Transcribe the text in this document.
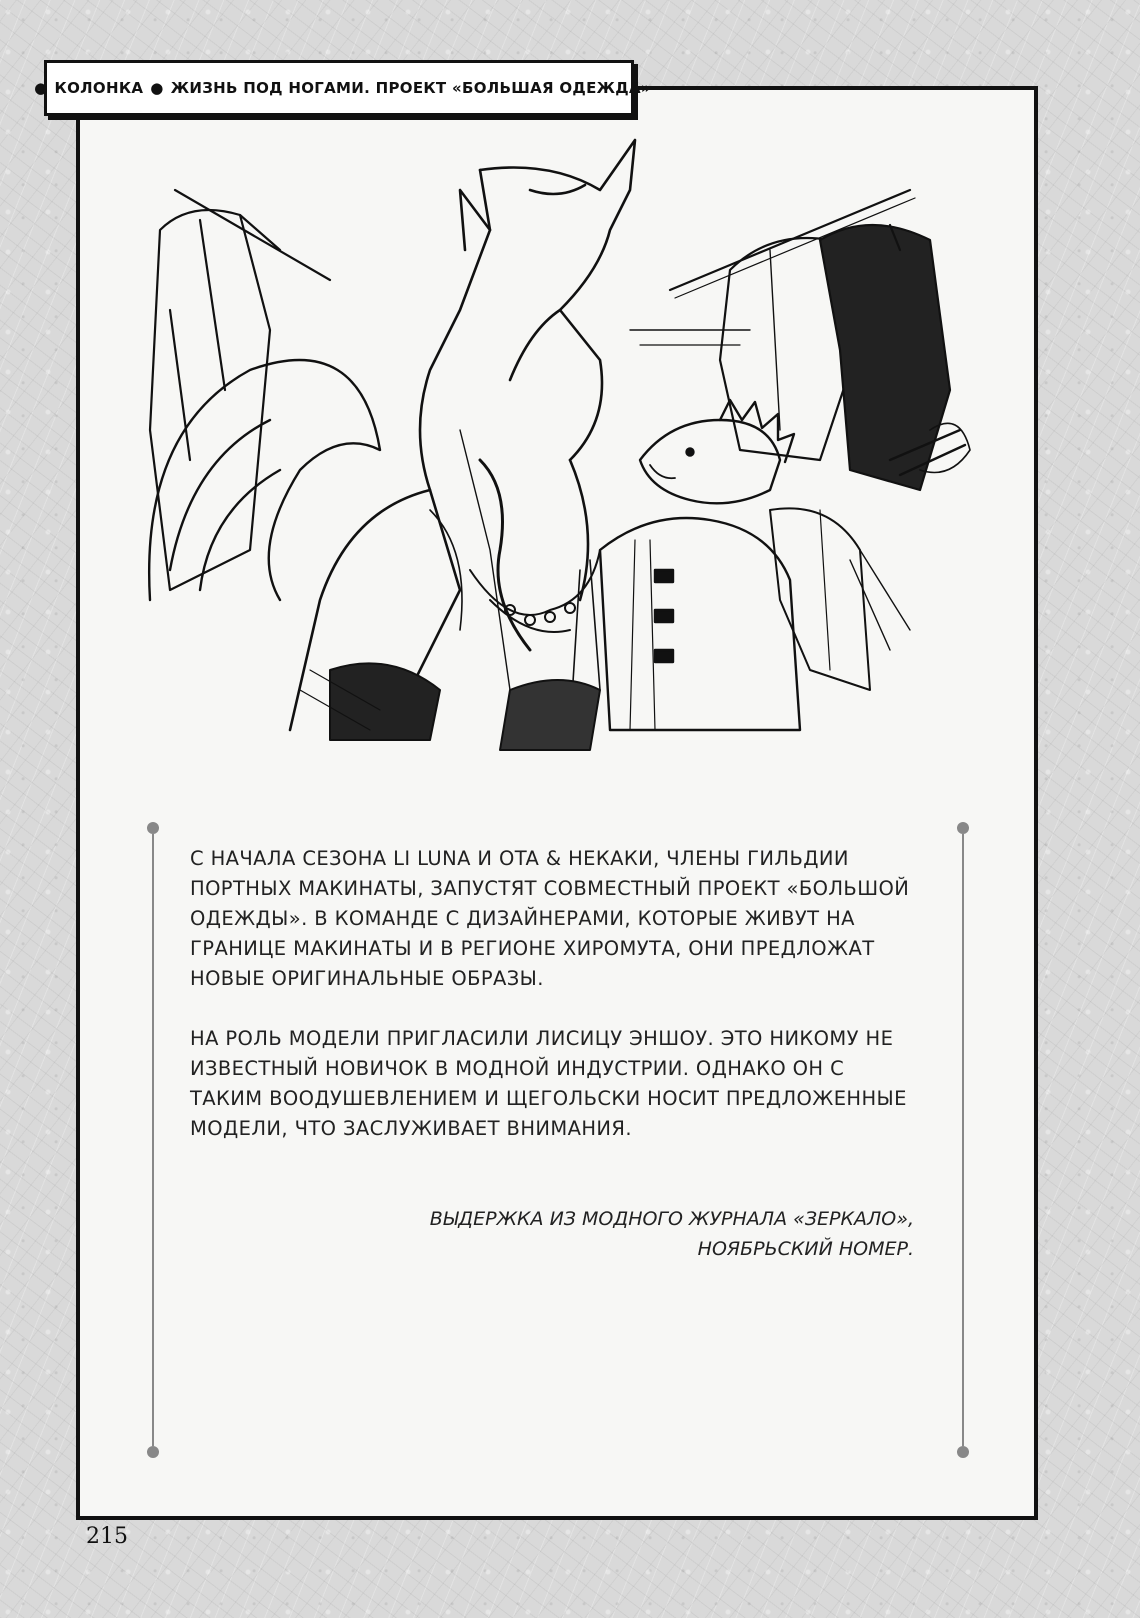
● КОЛОНКА ● ЖИЗНЬ ПОД НОГАМИ. ПРОЕКТ «БОЛЬШАЯ ОДЕЖДА»

С НАЧАЛА СЕЗОНА LI LUNA И OTA & НЕКАКИ, ЧЛЕНЫ ГИЛЬДИИ ПОРТНЫХ МАКИНАТЫ, ЗАПУСТЯТ СОВМЕСТНЫЙ ПРОЕКТ «БОЛЬШОЙ ОДЕЖДЫ». В КОМАНДЕ С ДИЗАЙНЕРАМИ, КОТОРЫЕ ЖИВУТ НА ГРАНИЦЕ МАКИНАТЫ И В РЕГИОНЕ ХИРОМУТА, ОНИ ПРЕДЛОЖАТ НОВЫЕ ОРИГИНАЛЬНЫЕ ОБРАЗЫ.

НА РОЛЬ МОДЕЛИ ПРИГЛАСИЛИ ЛИСИЦУ ЭНШОУ. ЭТО НИКОМУ НЕ ИЗВЕСТНЫЙ НОВИЧОК В МОДНОЙ ИНДУСТРИИ. ОДНАКО ОН С ТАКИМ ВООДУШЕВЛЕНИЕМ И ЩЕГОЛЬСКИ НОСИТ ПРЕДЛОЖЕННЫЕ МОДЕЛИ, ЧТО ЗАСЛУЖИВАЕТ ВНИМАНИЯ.

ВЫДЕРЖКА ИЗ МОДНОГО ЖУРНАЛА «ЗЕРКАЛО»,
НОЯБРЬСКИЙ НОМЕР.

215
